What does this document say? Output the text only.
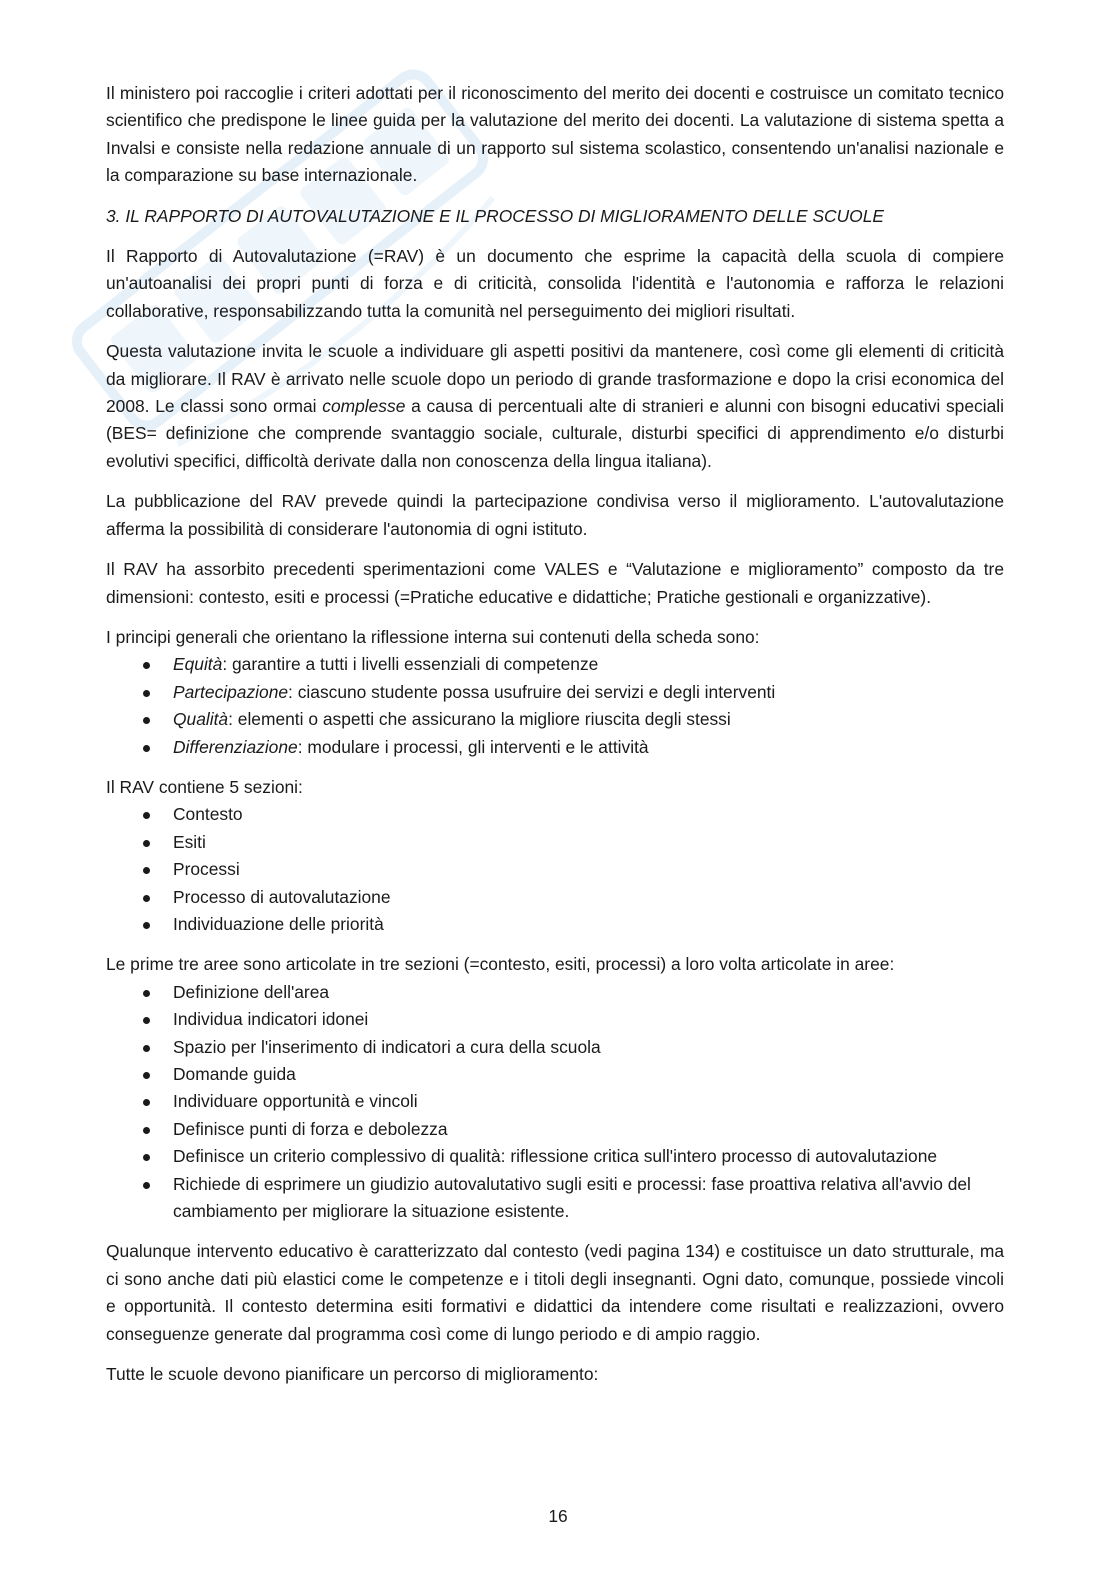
Il ministero poi raccoglie i criteri adottati per il riconoscimento del merito dei docenti e costruisce un comitato tecnico scientifico che predispone le linee guida per la valutazione del merito dei docenti. La valutazione di sistema spetta a Invalsi e consiste nella redazione annuale di un rapporto sul sistema scolastico, consentendo un'analisi nazionale e la comparazione su base internazionale.

3. IL RAPPORTO DI AUTOVALUTAZIONE E IL PROCESSO DI MIGLIORAMENTO DELLE SCUOLE

Il Rapporto di Autovalutazione (=RAV) è un documento che esprime la capacità della scuola di compiere un'autoanalisi dei propri punti di forza e di criticità, consolida l'identità e l'autonomia e rafforza le relazioni collaborative, responsabilizzando tutta la comunità nel perseguimento dei migliori risultati.

Questa valutazione invita le scuole a individuare gli aspetti positivi da mantenere, così come gli elementi di criticità da migliorare. Il RAV è arrivato nelle scuole dopo un periodo di grande trasformazione e dopo la crisi economica del 2008. Le classi sono ormai complesse a causa di percentuali alte di stranieri e alunni con bisogni educativi speciali (BES= definizione che comprende svantaggio sociale, culturale, disturbi specifici di apprendimento e/o disturbi evolutivi specifici, difficoltà derivate dalla non conoscenza della lingua italiana).

La pubblicazione del RAV prevede quindi la partecipazione condivisa verso il miglioramento. L'autovalutazione afferma la possibilità di considerare l'autonomia di ogni istituto.

Il RAV ha assorbito precedenti sperimentazioni come VALES e “Valutazione e miglioramento” composto da tre dimensioni: contesto, esiti e processi (=Pratiche educative e didattiche; Pratiche gestionali e organizzative).

I principi generali che orientano la riflessione interna sui contenuti della scheda sono:

Equità: garantire a tutti i livelli essenziali di competenze
Partecipazione: ciascuno studente possa usufruire dei servizi e degli interventi
Qualità: elementi o aspetti che assicurano la migliore riuscita degli stessi
Differenziazione: modulare i processi, gli interventi e le attività

Il RAV contiene 5 sezioni:

Contesto
Esiti
Processi
Processo di autovalutazione
Individuazione delle priorità

Le prime tre aree sono articolate in tre sezioni (=contesto, esiti, processi) a loro volta articolate in aree:

Definizione dell'area
Individua indicatori idonei
Spazio per l'inserimento di indicatori a cura della scuola
Domande guida
Individuare opportunità e vincoli
Definisce punti di forza e debolezza
Definisce un criterio complessivo di qualità: riflessione critica sull'intero processo di autovalutazione
Richiede di esprimere un giudizio autovalutativo sugli esiti e processi: fase proattiva relativa all'avvio del cambiamento per migliorare la situazione esistente.

Qualunque intervento educativo è caratterizzato dal contesto (vedi pagina 134) e costituisce un dato strutturale, ma ci sono anche dati più elastici come le competenze e i titoli degli insegnanti. Ogni dato, comunque, possiede vincoli e opportunità. Il contesto determina esiti formativi e didattici da intendere come risultati e realizzazioni, ovvero conseguenze generate dal programma così come di lungo periodo e di ampio raggio.

Tutte le scuole devono pianificare un percorso di miglioramento:

16
